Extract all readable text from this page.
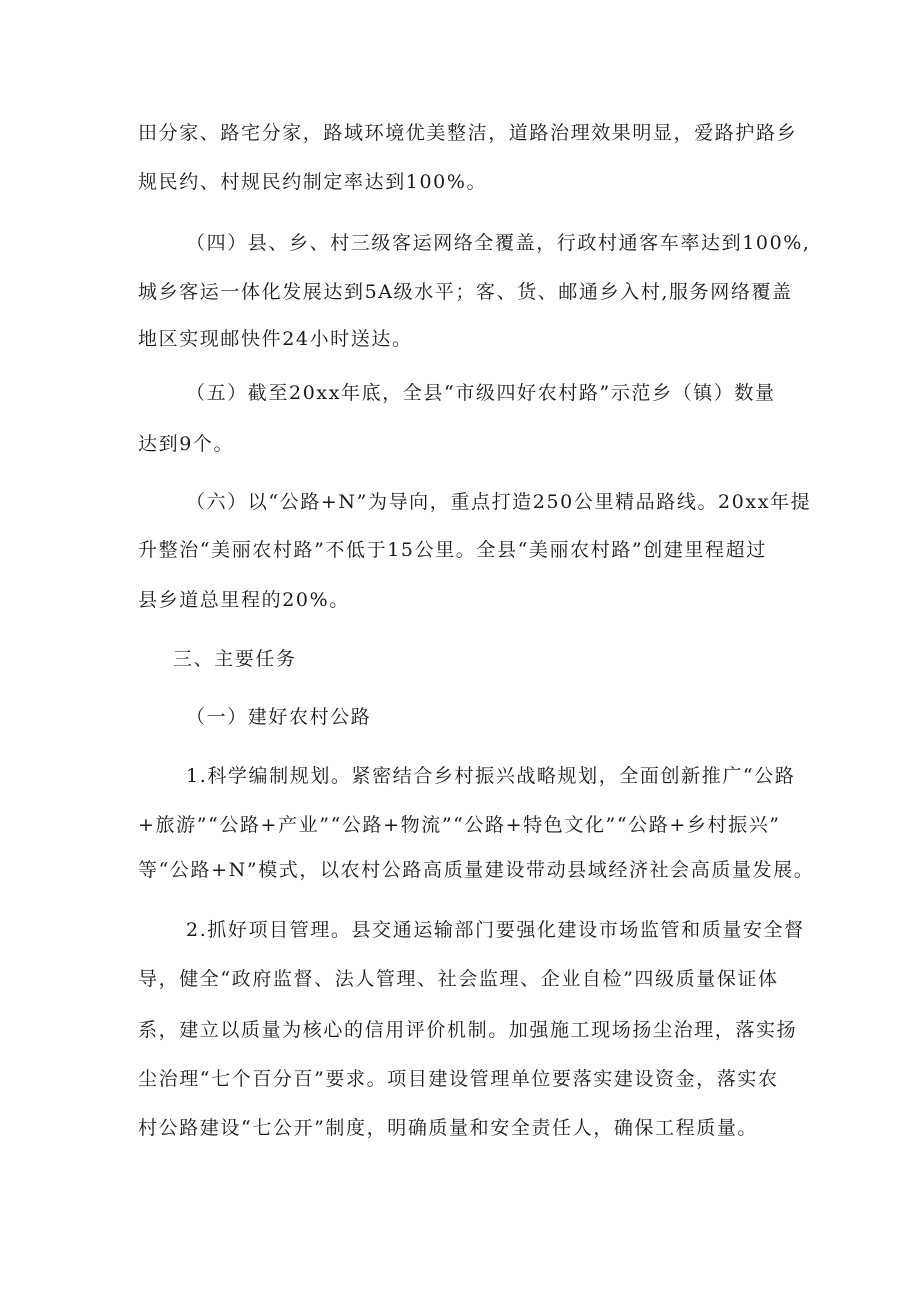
田分家、路宅分家，路域环境优美整洁，道路治理效果明显，爱路护路乡
规民约、村规民约制定率达到100%。
（四）县、乡、村三级客运网络全覆盖，行政村通客车率达到100%,
城乡客运一体化发展达到5A级水平；客、货、邮通乡入村,服务网络覆盖
地区实现邮快件24小时送达。
（五）截至20xx年底，全县“市级四好农村路”示范乡（镇）数量
达到9个。
（六）以“公路+N”为导向，重点打造250公里精品路线。20xx年提
升整治“美丽农村路”不低于15公里。全县“美丽农村路”创建里程超过
县乡道总里程的20%。
三、主要任务
（一）建好农村公路
1.科学编制规划。紧密结合乡村振兴战略规划，全面创新推广“公路
+旅游”“公路+产业”“公路+物流”“公路+特色文化”“公路+乡村振兴”
等“公路+N”模式，以农村公路高质量建设带动县域经济社会高质量发展。
2.抓好项目管理。县交通运输部门要强化建设市场监管和质量安全督
导，健全“政府监督、法人管理、社会监理、企业自检”四级质量保证体
系，建立以质量为核心的信用评价机制。加强施工现场扬尘治理，落实扬
尘治理“七个百分百”要求。项目建设管理单位要落实建设资金，落实农
村公路建设“七公开”制度，明确质量和安全责任人，确保工程质量。
